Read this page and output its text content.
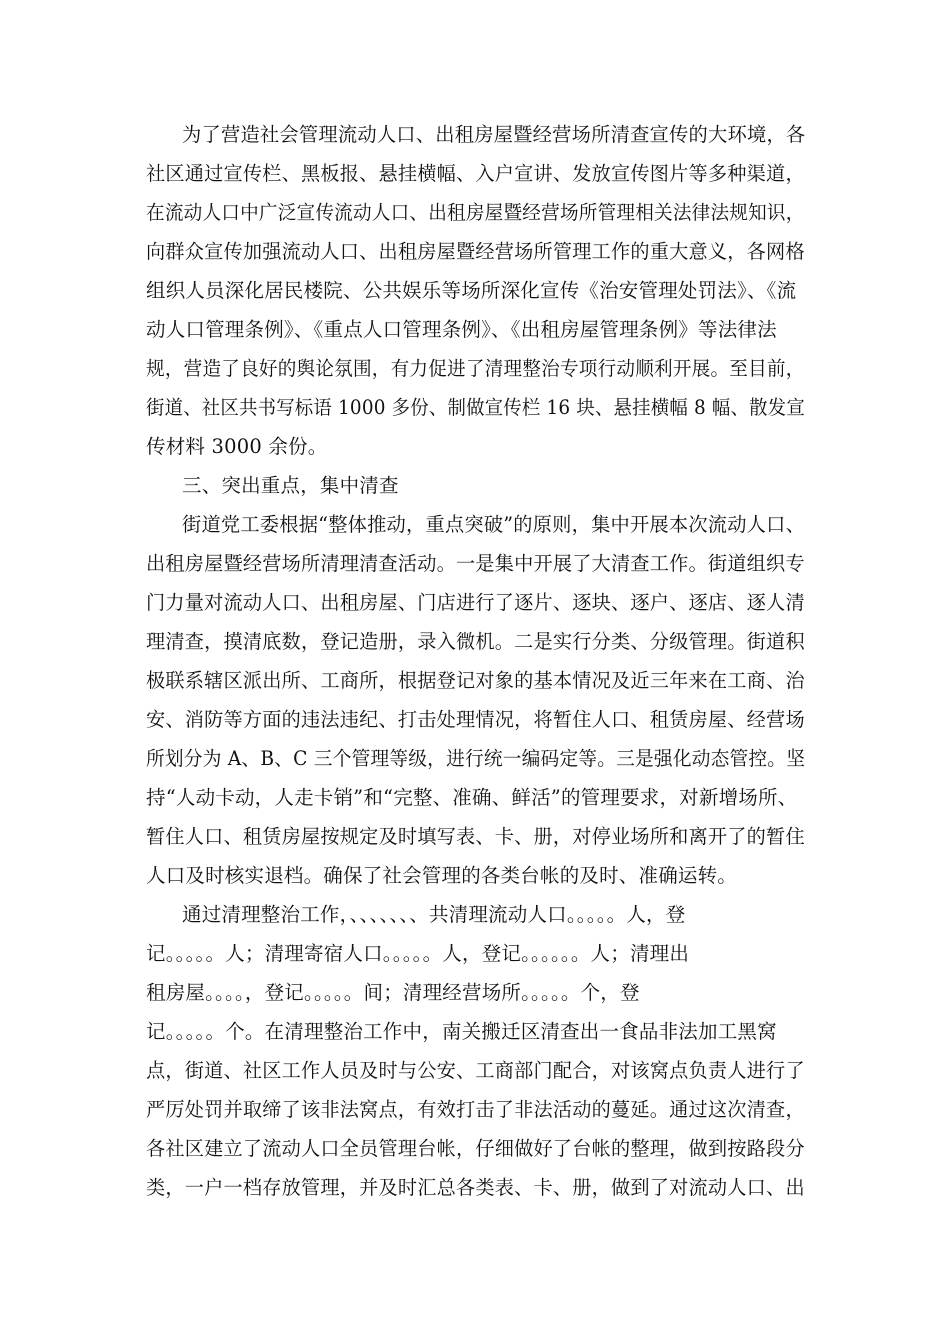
为了营造社会管理流动人口、出租房屋暨经营场所清查宣传的大环境，各
社区通过宣传栏、黑板报、悬挂横幅、入户宣讲、发放宣传图片等多种渠道，
在流动人口中广泛宣传流动人口、出租房屋暨经营场所管理相关法律法规知识，
向群众宣传加强流动人口、出租房屋暨经营场所管理工作的重大意义，各网格
组织人员深化居民楼院、公共娱乐等场所深化宣传《治安管理处罚法》、《流
动人口管理条例》、《重点人口管理条例》、《出租房屋管理条例》等法律法
规，营造了良好的舆论氛围，有力促进了清理整治专项行动顺利开展。至目前，
街道、社区共书写标语 1000 多份、制做宣传栏 16 块、悬挂横幅 8 幅、散发宣
传材料 3000 余份。
三、突出重点，集中清查
街道党工委根据“整体推动，重点突破”的原则，集中开展本次流动人口、
出租房屋暨经营场所清理清查活动。一是集中开展了大清查工作。街道组织专
门力量对流动人口、出租房屋、门店进行了逐片、逐块、逐户、逐店、逐人清
理清查，摸清底数，登记造册，录入微机。二是实行分类、分级管理。街道积
极联系辖区派出所、工商所，根据登记对象的基本情况及近三年来在工商、治
安、消防等方面的违法违纪、打击处理情况，将暂住人口、租赁房屋、经营场
所划分为 A、B、C 三个管理等级，进行统一编码定等。三是强化动态管控。坚
持“人动卡动，人走卡销”和“完整、准确、鲜活”的管理要求，对新增场所、
暂住人口、租赁房屋按规定及时填写表、卡、册，对停业场所和离开了的暂住
人口及时核实退档。确保了社会管理的各类台帐的及时、准确运转。
通过清理整治工作，、、、、、、、共清理流动人口。。。。。人，登
记。。。。。人；清理寄宿人口。。。。。人，登记。。。。。。人；清理出
租房屋。。。。，登记。。。。。间；清理经营场所。。。。。个，登
记。。。。。个。在清理整治工作中，南关搬迁区清查出一食品非法加工黑窝
点，街道、社区工作人员及时与公安、工商部门配合，对该窝点负责人进行了
严厉处罚并取缔了该非法窝点，有效打击了非法活动的蔓延。通过这次清查，
各社区建立了流动人口全员管理台帐，仔细做好了台帐的整理，做到按路段分
类，一户一档存放管理，并及时汇总各类表、卡、册，做到了对流动人口、出
